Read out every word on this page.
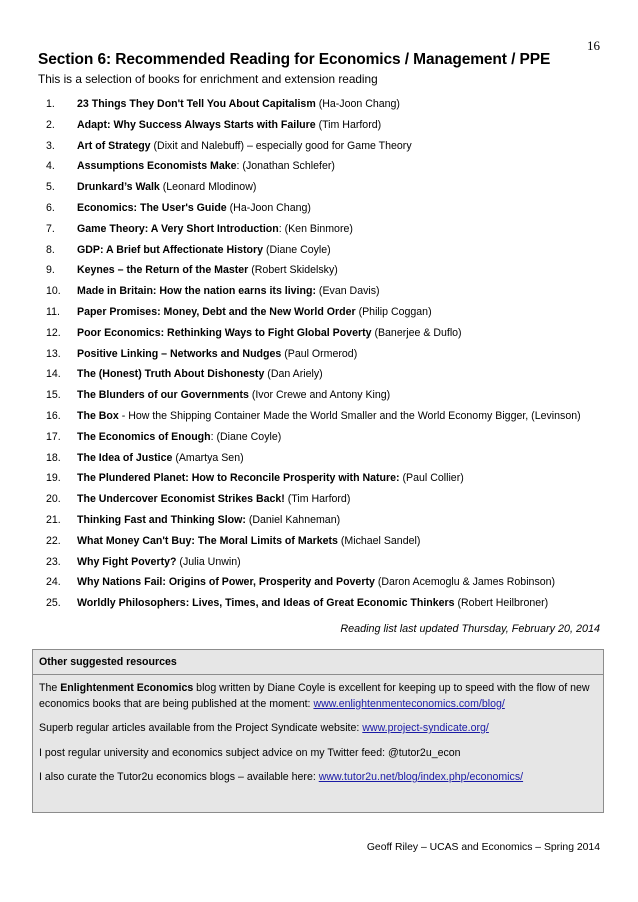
16
Section 6: Recommended Reading for Economics / Management / PPE
This is a selection of books for enrichment and extension reading
1.	23 Things They Don't Tell You About Capitalism (Ha-Joon Chang)
2.	Adapt: Why Success Always Starts with Failure (Tim Harford)
3.	Art of Strategy (Dixit and Nalebuff) – especially good for Game Theory
4.	Assumptions Economists Make: (Jonathan Schlefer)
5.	Drunkard’s Walk (Leonard Mlodinow)
6.	Economics: The User's Guide (Ha-Joon Chang)
7.	Game Theory: A Very Short Introduction: (Ken Binmore)
8.	GDP: A Brief but Affectionate History (Diane Coyle)
9.	Keynes – the Return of the Master (Robert Skidelsky)
10.	Made in Britain: How the nation earns its living: (Evan Davis)
11.	Paper Promises: Money, Debt and the New World Order (Philip Coggan)
12.	Poor Economics: Rethinking Ways to Fight Global Poverty (Banerjee & Duflo)
13.	Positive Linking – Networks and Nudges (Paul Ormerod)
14.	The (Honest) Truth About Dishonesty (Dan Ariely)
15.	The Blunders of our Governments (Ivor Crewe and Antony King)
16.	The Box - How the Shipping Container Made the World Smaller and the World Economy Bigger, (Levinson)
17.	The Economics of Enough: (Diane Coyle)
18.	The Idea of Justice (Amartya Sen)
19.	The Plundered Planet: How to Reconcile Prosperity with Nature: (Paul Collier)
20.	The Undercover Economist Strikes Back! (Tim Harford)
21.	Thinking Fast and Thinking Slow: (Daniel Kahneman)
22.	What Money Can't Buy: The Moral Limits of Markets (Michael Sandel)
23.	Why Fight Poverty? (Julia Unwin)
24.	Why Nations Fail: Origins of Power, Prosperity and Poverty (Daron Acemoglu & James Robinson)
25.	Worldly Philosophers: Lives, Times, and Ideas of Great Economic Thinkers (Robert Heilbroner)
Reading list last updated Thursday, February 20, 2014
Other suggested resources

The Enlightenment Economics blog written by Diane Coyle is excellent for keeping up to speed with the flow of new economics books that are being published at the moment: www.enlightenmenteconomics.com/blog/

Superb regular articles available from the Project Syndicate website: www.project-syndicate.org/

I post regular university and economics subject advice on my Twitter feed: @tutor2u_econ

I also curate the Tutor2u economics blogs – available here: www.tutor2u.net/blog/index.php/economics/

Geoff Riley – UCAS and Economics – Spring 2014
